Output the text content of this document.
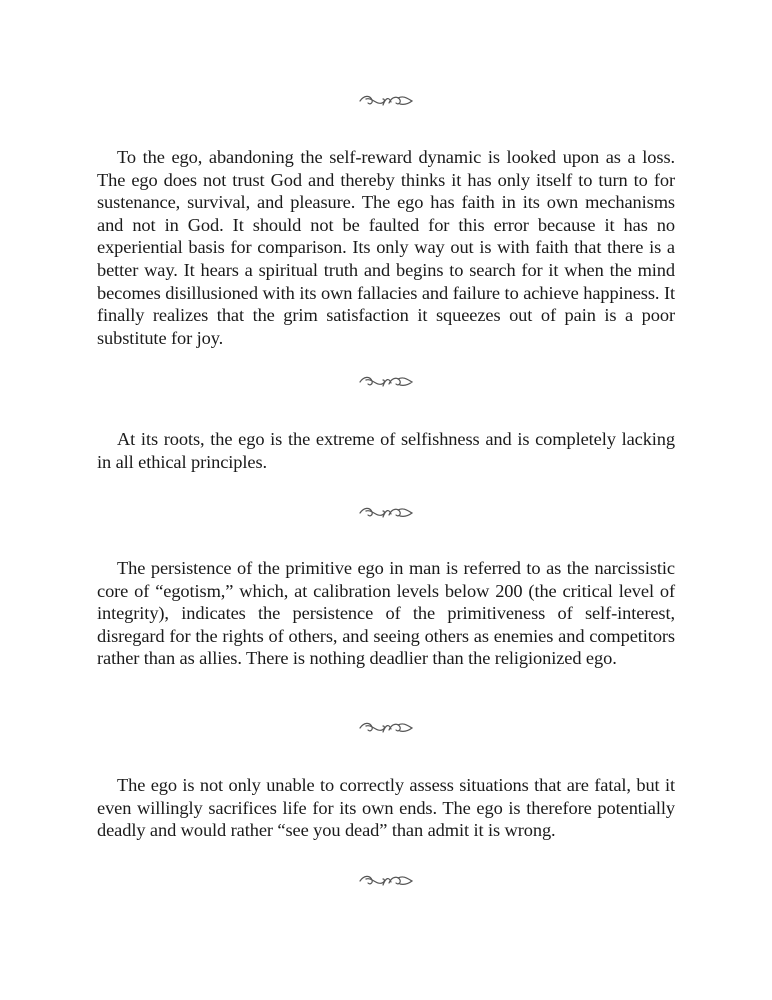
To the ego, abandoning the self-reward dynamic is looked upon as a loss. The ego does not trust God and thereby thinks it has only itself to turn to for sustenance, survival, and pleasure. The ego has faith in its own mechanisms and not in God. It should not be faulted for this error because it has no experiential basis for comparison. Its only way out is with faith that there is a better way. It hears a spiritual truth and begins to search for it when the mind becomes disillusioned with its own fallacies and failure to achieve happiness. It finally realizes that the grim satisfaction it squeezes out of pain is a poor substitute for joy.

At its roots, the ego is the extreme of selfishness and is completely lacking in all ethical principles.

The persistence of the primitive ego in man is referred to as the narcissistic core of “egotism,” which, at calibration levels below 200 (the critical level of integrity), indicates the persistence of the primitiveness of self-interest, disregard for the rights of others, and seeing others as enemies and competitors rather than as allies. There is nothing deadlier than the religionized ego.

The ego is not only unable to correctly assess situations that are fatal, but it even willingly sacrifices life for its own ends. The ego is therefore potentially deadly and would rather “see you dead” than admit it is wrong.
